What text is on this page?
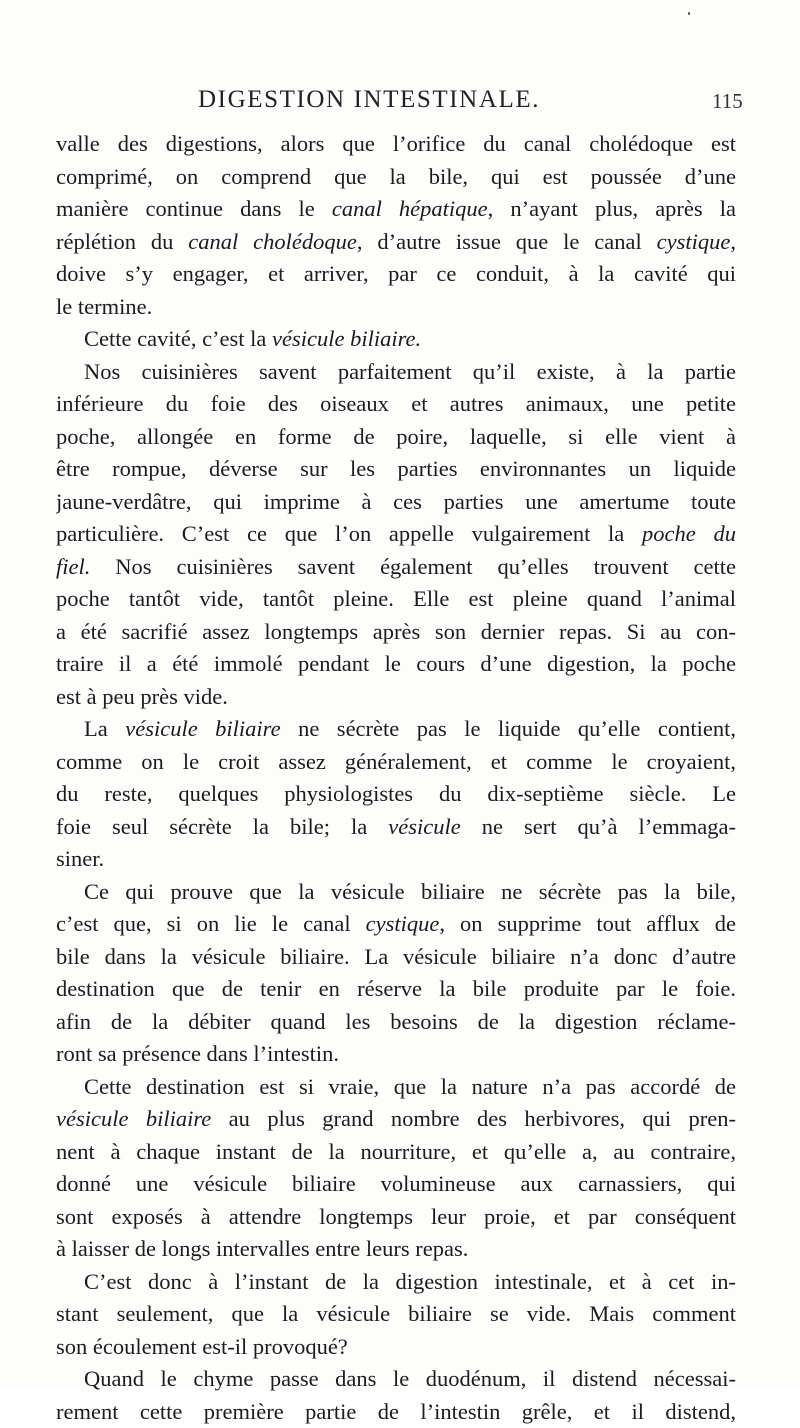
DIGESTION INTESTINALE.	115
valle des digestions, alors que l’orifice du canal cholédoque est
comprimé, on comprend que la bile, qui est poussée d’une
manière continue dans le canal hépatique, n’ayant plus, après la
réplétion du canal cholédoque, d’autre issue que le canal cystique,
doive s’y engager, et arriver, par ce conduit, à la cavité qui
le termine.
Cette cavité, c’est la vésicule biliaire.
Nos cuisinières savent parfaitement qu’il existe, à la partie
inférieure du foie des oiseaux et autres animaux, une petite
poche, allongée en forme de poire, laquelle, si elle vient à
être rompue, déverse sur les parties environnantes un liquide
jaune-verdâtre, qui imprime à ces parties une amertume toute
particulière. C’est ce que l’on appelle vulgairement la poche du
fiel. Nos cuisinières savent également qu’elles trouvent cette
poche tantôt vide, tantôt pleine. Elle est pleine quand l’animal
a été sacrifié assez longtemps après son dernier repas. Si au con-
traire il a été immolé pendant le cours d’une digestion, la poche
est à peu près vide.
La vésicule biliaire ne sécrète pas le liquide qu’elle contient,
comme on le croit assez généralement, et comme le croyaient,
du reste, quelques physiologistes du dix-septième siècle. Le
foie seul sécrète la bile; la vésicule ne sert qu’à l’emmaga-
siner.
Ce qui prouve que la vésicule biliaire ne sécrète pas la bile,
c’est que, si on lie le canal cystique, on supprime tout afflux de
bile dans la vésicule biliaire. La vésicule biliaire n’a donc d’autre
destination que de tenir en réserve la bile produite par le foie.
afin de la débiter quand les besoins de la digestion réclame-
ront sa présence dans l’intestin.
Cette destination est si vraie, que la nature n’a pas accordé de
vésicule biliaire au plus grand nombre des herbivores, qui pren-
nent à chaque instant de la nourriture, et qu’elle a, au contraire,
donné une vésicule biliaire volumineuse aux carnassiers, qui
sont exposés à attendre longtemps leur proie, et par conséquent
à laisser de longs intervalles entre leurs repas.
C’est donc à l’instant de la digestion intestinale, et à cet in-
stant seulement, que la vésicule biliaire se vide. Mais comment
son écoulement est-il provoqué?
Quand le chyme passe dans le duodénum, il distend nécessai-
rement cette première partie de l’intestin grêle, et il distend,
